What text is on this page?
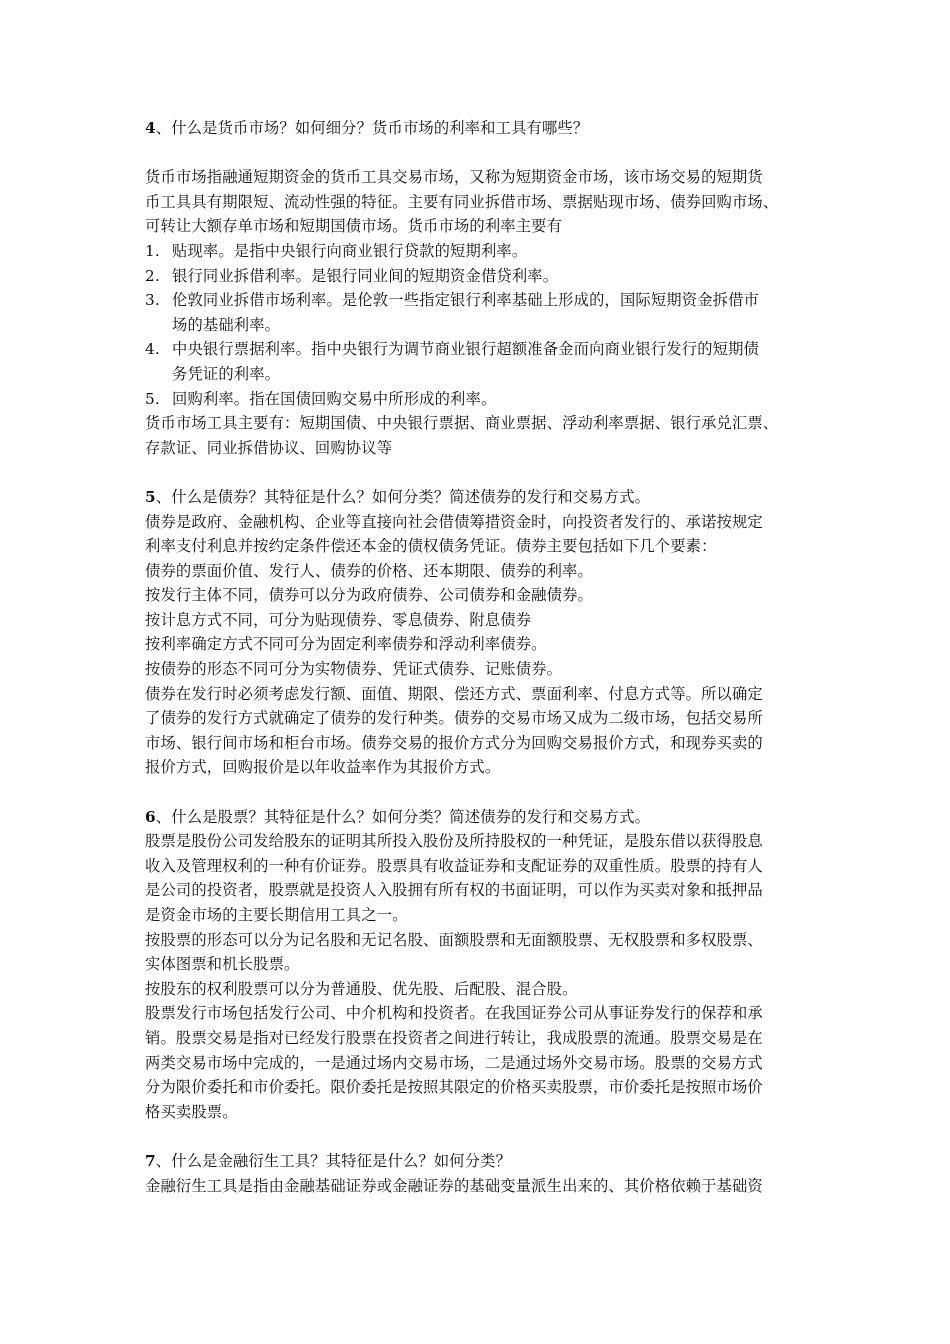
4、什么是货币市场？如何细分？货币市场的利率和工具有哪些？
货币市场指融通短期资金的货币工具交易市场，又称为短期资金市场，该市场交易的短期货
币工具具有期限短、流动性强的特征。主要有同业拆借市场、票据贴现市场、债券回购市场、
可转让大额存单市场和短期国债市场。货币市场的利率主要有
1. 贴现率。是指中央银行向商业银行贷款的短期利率。
2. 银行同业拆借利率。是银行同业间的短期资金借贷利率。
3. 伦敦同业拆借市场利率。是伦敦一些指定银行利率基础上形成的，国际短期资金拆借市
场的基础利率。
4. 中央银行票据利率。指中央银行为调节商业银行超额准备金而向商业银行发行的短期债
务凭证的利率。
5. 回购利率。指在国债回购交易中所形成的利率。
货币市场工具主要有：短期国债、中央银行票据、商业票据、浮动利率票据、银行承兑汇票、
存款证、同业拆借协议、回购协议等
5、什么是债券？其特征是什么？如何分类？简述债券的发行和交易方式。
债券是政府、金融机构、企业等直接向社会借债筹措资金时，向投资者发行的、承诺按规定
利率支付利息并按约定条件偿还本金的债权债务凭证。债券主要包括如下几个要素：
债券的票面价值、发行人、债券的价格、还本期限、债券的利率。
按发行主体不同，债券可以分为政府债券、公司债券和金融债券。
按计息方式不同，可分为贴现债券、零息债券、附息债券
按利率确定方式不同可分为固定利率债券和浮动利率债券。
按债券的形态不同可分为实物债券、凭证式债券、记账债券。
债券在发行时必须考虑发行额、面值、期限、偿还方式、票面利率、付息方式等。所以确定
了债券的发行方式就确定了债券的发行种类。债券的交易市场又成为二级市场，包括交易所
市场、银行间市场和柜台市场。债券交易的报价方式分为回购交易报价方式，和现券买卖的
报价方式，回购报价是以年收益率作为其报价方式。
6、什么是股票？其特征是什么？如何分类？简述债券的发行和交易方式。
股票是股份公司发给股东的证明其所投入股份及所持股权的一种凭证，是股东借以获得股息
收入及管理权利的一种有价证券。股票具有收益证券和支配证券的双重性质。股票的持有人
是公司的投资者，股票就是投资人入股拥有所有权的书面证明，可以作为买卖对象和抵押品
是资金市场的主要长期信用工具之一。
按股票的形态可以分为记名股和无记名股、面额股票和无面额股票、无权股票和多权股票、
实体图票和机长股票。
按股东的权利股票可以分为普通股、优先股、后配股、混合股。
股票发行市场包括发行公司、中介机构和投资者。在我国证券公司从事证券发行的保荐和承
销。股票交易是指对已经发行股票在投资者之间进行转让，我成股票的流通。股票交易是在
两类交易市场中完成的，一是通过场内交易市场，二是通过场外交易市场。股票的交易方式
分为限价委托和市价委托。限价委托是按照其限定的价格买卖股票，市价委托是按照市场价
格买卖股票。
7、什么是金融衍生工具？其特征是什么？如何分类？
金融衍生工具是指由金融基础证券或金融证券的基础变量派生出来的、其价格依赖于基础资
